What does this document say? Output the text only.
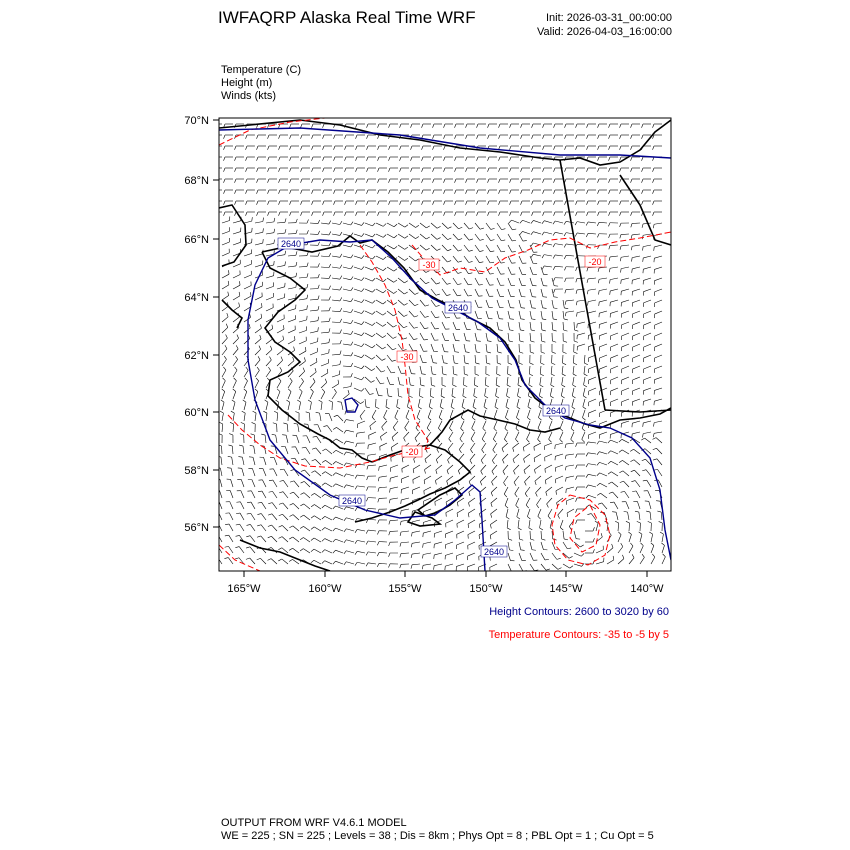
IWFAQRP Alaska Real Time WRF	Init: 2026-03-31_00:00:00
Valid: 2026-04-03_16:00:00
Temperature (C)
Height (m)
Winds (kts)
2640
2640
2640
2640
2640
-30
-30
-20
-20
70°N
68°N
66°N
64°N
62°N
60°N
58°N
56°N
165°W	160°W	155°W	150°W	145°W	140°W
Height Contours: 2600 to 3020 by 60
Temperature Contours: -35 to -5 by 5
OUTPUT FROM WRF V4.6.1 MODEL
WE = 225 ; SN = 225 ; Levels = 38 ; Dis = 8km ; Phys Opt = 8 ; PBL Opt = 1 ; Cu Opt = 5
